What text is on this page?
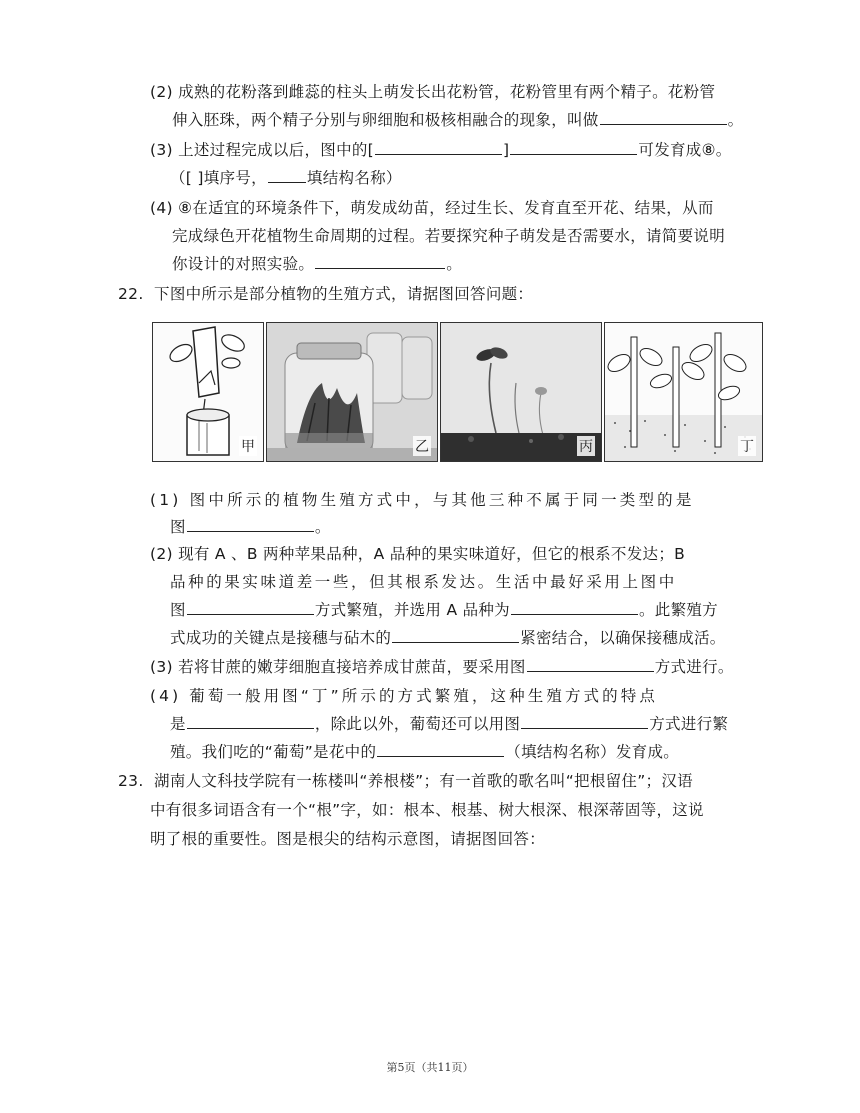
(2) 成熟的花粉落到雌蕊的柱头上萌发长出花粉管，花粉管里有两个精子。花粉管
伸入胚珠，两个精子分别与卵细胞和极核相融合的现象，叫做	。
(3) 上述过程完成以后，图中的[	]	可发育成⑧。
（[ ]填序号，	填结构名称）
(4) ⑧在适宜的环境条件下，萌发成幼苗，经过生长、发育直至开花、结果，从而
完成绿色开花植物生命周期的过程。若要探究种子萌发是否需要水，请简要说明
你设计的对照实验。	。
22. 下图中所示是部分植物的生殖方式，请据图回答问题：
甲	乙	丙	丁
(1) 图中所示的植物生殖方式中，与其他三种不属于同一类型的是
图	。
(2) 现有 A 、B 两种苹果品种，A 品种的果实味道好，但它的根系不发达；B
品种的果实味道差一些，但其根系发达。生活中最好采用上图中
图	方式繁殖，并选用 A 品种为	。此繁殖方
式成功的关键点是接穗与砧木的	紧密结合，以确保接穗成活。
(3) 若将甘蔗的嫩芽细胞直接培养成甘蔗苗，要采用图	方式进行。
(4) 葡萄一般用图“丁”所示的方式繁殖，这种生殖方式的特点
是	，除此以外，葡萄还可以用图	方式进行繁
殖。我们吃的“葡萄”是花中的	（填结构名称）发育成。
23. 湖南人文科技学院有一栋楼叫“养根楼”；有一首歌的歌名叫“把根留住”；汉语
中有很多词语含有一个“根”字，如：根本、根基、树大根深、根深蒂固等，这说
明了根的重要性。图是根尖的结构示意图，请据图回答：
第5页（共11页）
